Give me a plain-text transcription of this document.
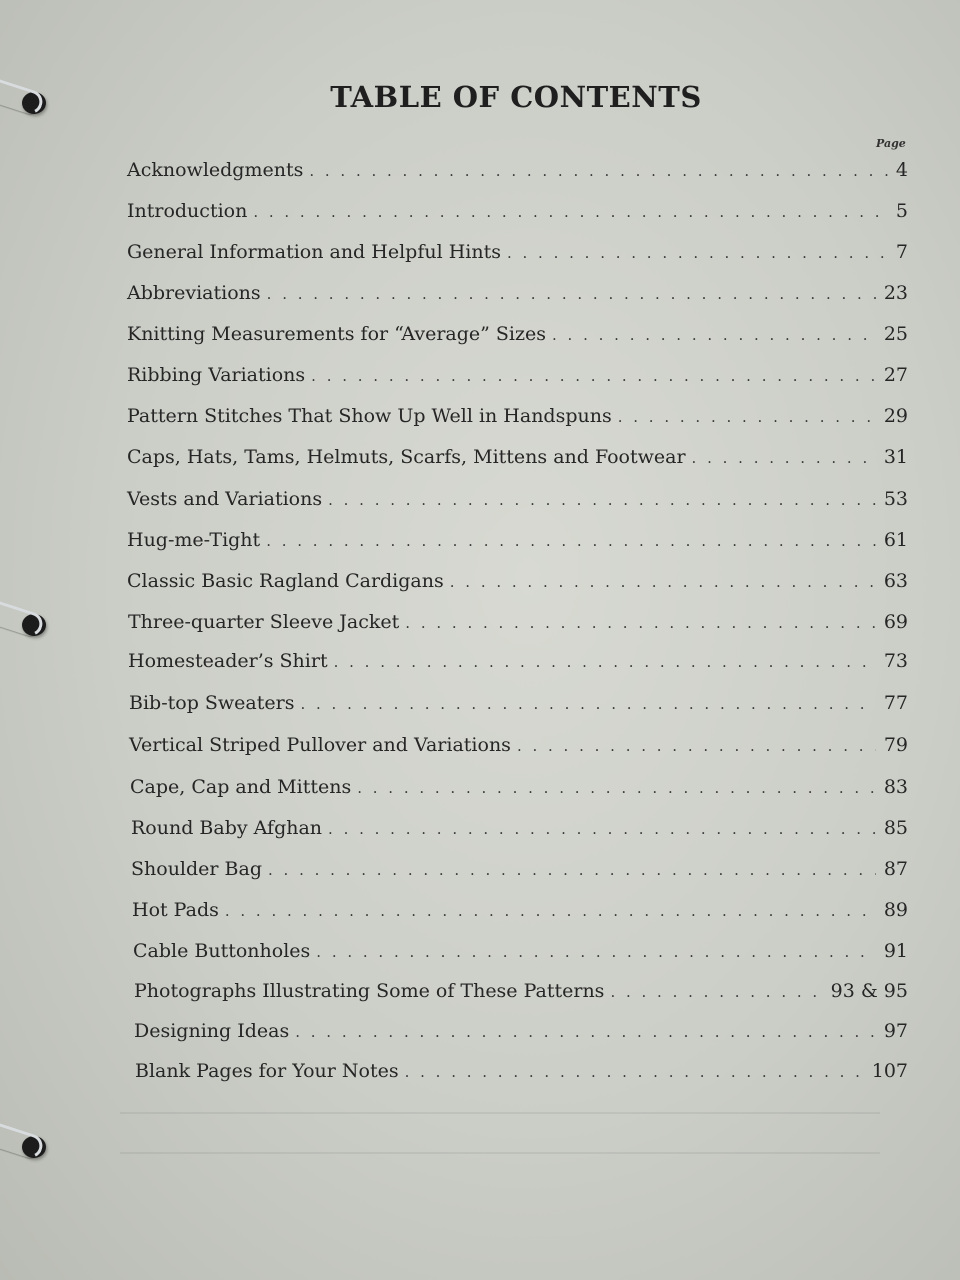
TABLE OF CONTENTS
Page
Acknowledgments . . .	4
Introduction . . .	5
General Information and Helpful Hints . . .	7
Abbreviations . . .	23
Knitting Measurements for “Average” Sizes . . .	25
Ribbing Variations . . .	27
Pattern Stitches That Show Up Well in Handspuns . . .	29
Caps, Hats, Tams, Helmuts, Scarfs, Mittens and Footwear . . .	31
Vests and Variations . . .	53
Hug-me-Tight . . .	61
Classic Basic Ragland Cardigans . . .	63
Three-quarter Sleeve Jacket . . .	69
Homesteader’s Shirt . . .	73
Bib-top Sweaters . . .	77
Vertical Striped Pullover and Variations . . .	79
Cape, Cap and Mittens . . .	83
Round Baby Afghan . . .	85
Shoulder Bag . . .	87
Hot Pads . . .	89
Cable Buttonholes . . .	91
Photographs Illustrating Some of These Patterns . . .	93 & 95
Designing Ideas . . .	97
Blank Pages for Your Notes . . .	107
